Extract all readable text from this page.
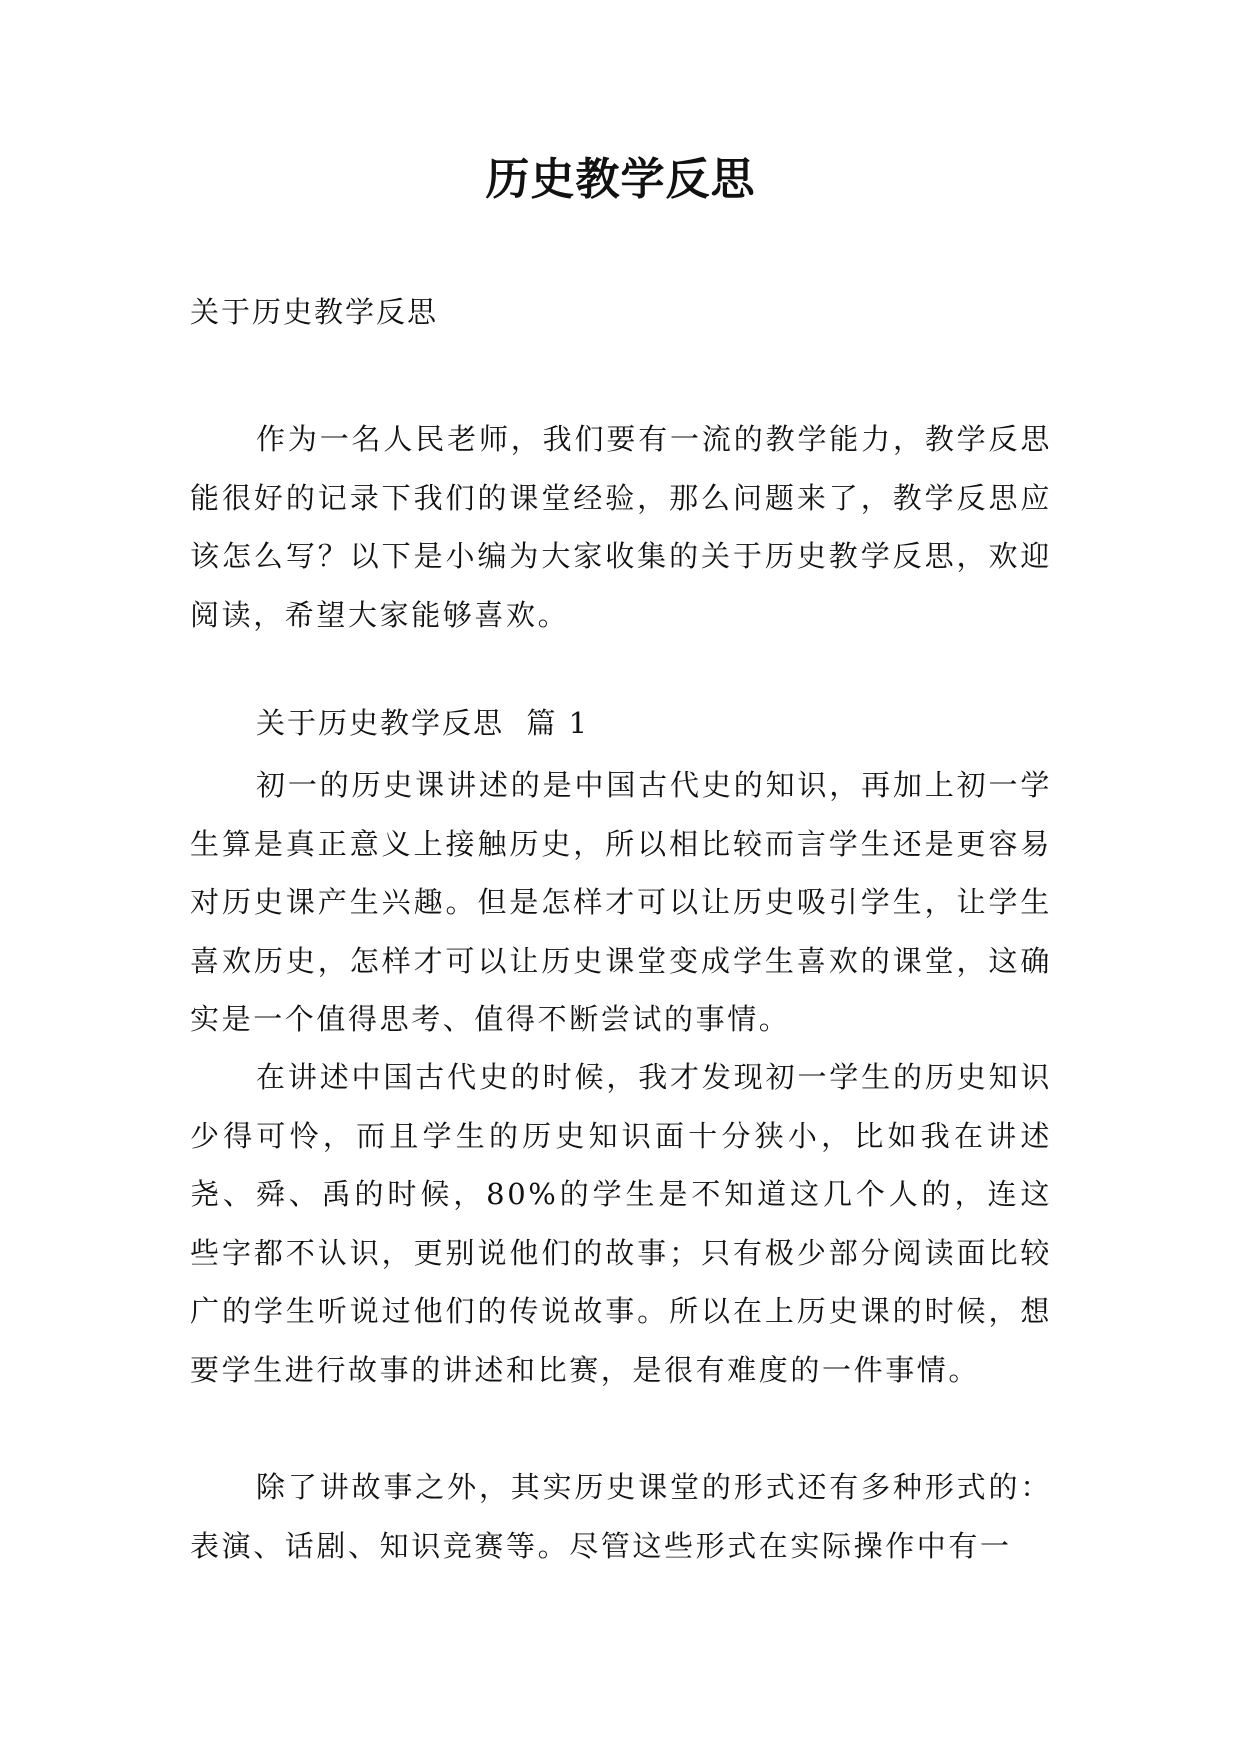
历史教学反思

关于历史教学反思

作为一名人民老师，我们要有一流的教学能力，教学反思能很好的记录下我们的课堂经验，那么问题来了，教学反思应该怎么写？以下是小编为大家收集的关于历史教学反思，欢迎阅读，希望大家能够喜欢。

关于历史教学反思  篇 1

初一的历史课讲述的是中国古代史的知识，再加上初一学生算是真正意义上接触历史，所以相比较而言学生还是更容易对历史课产生兴趣。但是怎样才可以让历史吸引学生，让学生喜欢历史，怎样才可以让历史课堂变成学生喜欢的课堂，这确实是一个值得思考、值得不断尝试的事情。

在讲述中国古代史的时候，我才发现初一学生的历史知识少得可怜，而且学生的历史知识面十分狭小，比如我在讲述尧、舜、禹的时候，80%的学生是不知道这几个人的，连这些字都不认识，更别说他们的故事；只有极少部分阅读面比较广的学生听说过他们的传说故事。所以在上历史课的时候，想要学生进行故事的讲述和比赛，是很有难度的一件事情。

除了讲故事之外，其实历史课堂的形式还有多种形式的：表演、话剧、知识竞赛等。尽管这些形式在实际操作中有一
